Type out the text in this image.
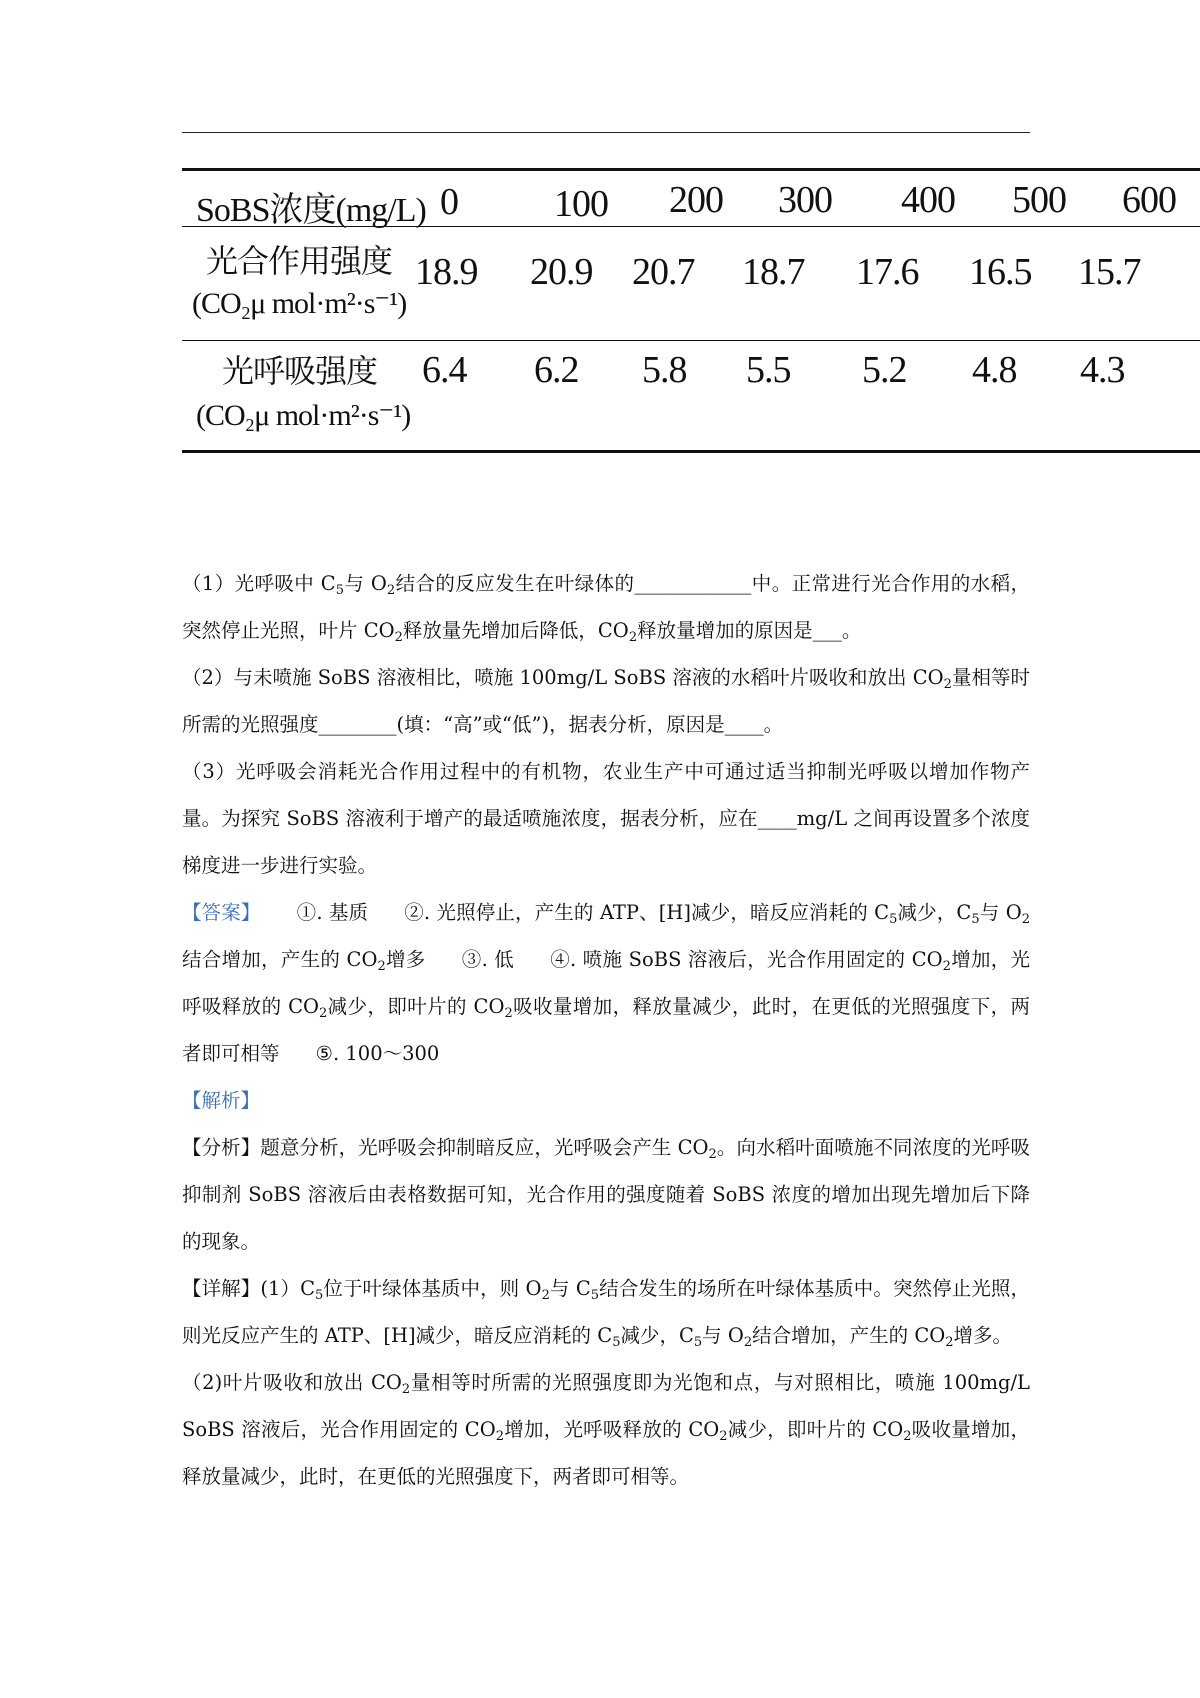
SoBS浓度(mg/L) 0	100 200 300 400 500 600
光合作用强度
(CO₂μ mol·m²·s⁻¹)
18.9 20.9 20.7 18.7 17.6 16.5 15.7
光呼吸强度
(CO₂μ mol·m²·s⁻¹)
6.4 6.2 5.8 5.5 5.2 4.8 4.3

（1）光呼吸中 $C_5$与 $O_2$结合的反应发生在叶绿体的____________中。正常进行光合作用的水稻，突然停止光照，叶片 $CO_2$释放量先增加后降低，$CO_2$释放量增加的原因是___。

（2）与未喷施 SoBS 溶液相比，喷施 100mg/L SoBS 溶液的水稻叶片吸收和放出 $CO_2$量相等时所需的光照强度________(填：“高”或“低”)，据表分析，原因是____。

（3）光呼吸会消耗光合作用过程中的有机物，农业生产中可通过适当抑制光呼吸以增加作物产量。为探究 SoBS 溶液利于增产的最适喷施浓度，据表分析，应在____mg/L 之间再设置多个浓度梯度进一步进行实验。

【答案】 ①. 基质 ②. 光照停止，产生的 ATP、[H]减少，暗反应消耗的 $C_5$减少，$C_5$与 $O_2$结合增加，产生的 $CO_2$增多 ③. 低 ④. 喷施 SoBS 溶液后，光合作用固定的 $CO_2$增加，光呼吸释放的 $CO_2$减少，即叶片的 $CO_2$吸收量增加，释放量减少，此时，在更低的光照强度下，两者即可相等 ⑤. 100～300

【解析】

【分析】题意分析，光呼吸会抑制暗反应，光呼吸会产生 $CO_2$。向水稻叶面喷施不同浓度的光呼吸抑制剂 SoBS 溶液后由表格数据可知，光合作用的强度随着 SoBS 浓度的增加出现先增加后下降的现象。

【详解】$(1)C_5$位于叶绿体基质中，则 $O_2$与 $C_5$结合发生的场所在叶绿体基质中。突然停止光照，则光反应产生的 ATP、[H]减少，暗反应消耗的 $C_5$减少，$C_5$与 $O_2$结合增加，产生的 $CO_2$增多。

（2)叶片吸收和放出 $CO_2$量相等时所需的光照强度即为光饱和点，与对照相比，喷施 100mg/L SoBS 溶液后，光合作用固定的 $CO_2$增加，光呼吸释放的 $CO_2$减少，即叶片的 $CO_2$吸收量增加，释放量减少，此时，在更低的光照强度下，两者即可相等。
